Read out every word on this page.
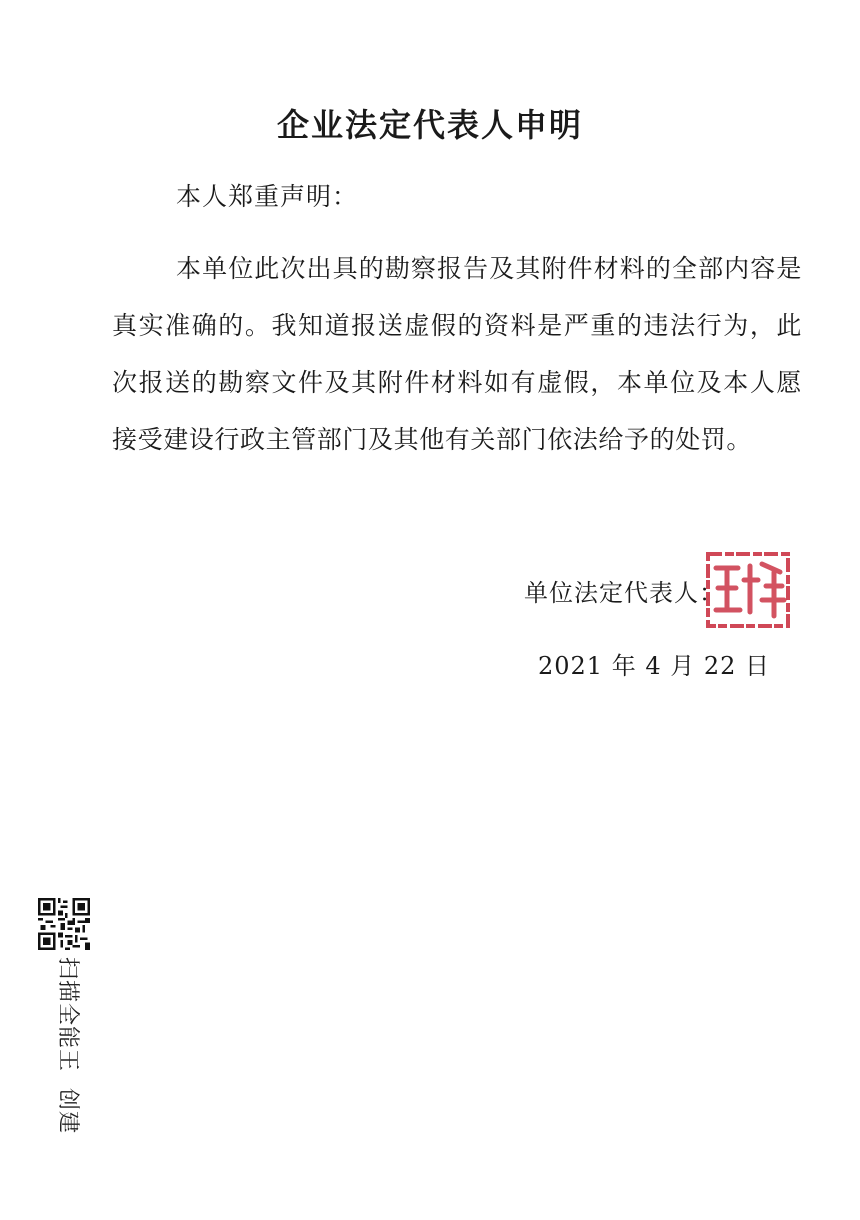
企业法定代表人申明
本人郑重声明：
本单位此次出具的勘察报告及其附件材料的全部内容是真实准确的。我知道报送虚假的资料是严重的违法行为，此次报送的勘察文件及其附件材料如有虚假，本单位及本人愿接受建设行政主管部门及其他有关部门依法给予的处罚。
单位法定代表人：
2021 年 4 月 22 日
扫描全能王创建
